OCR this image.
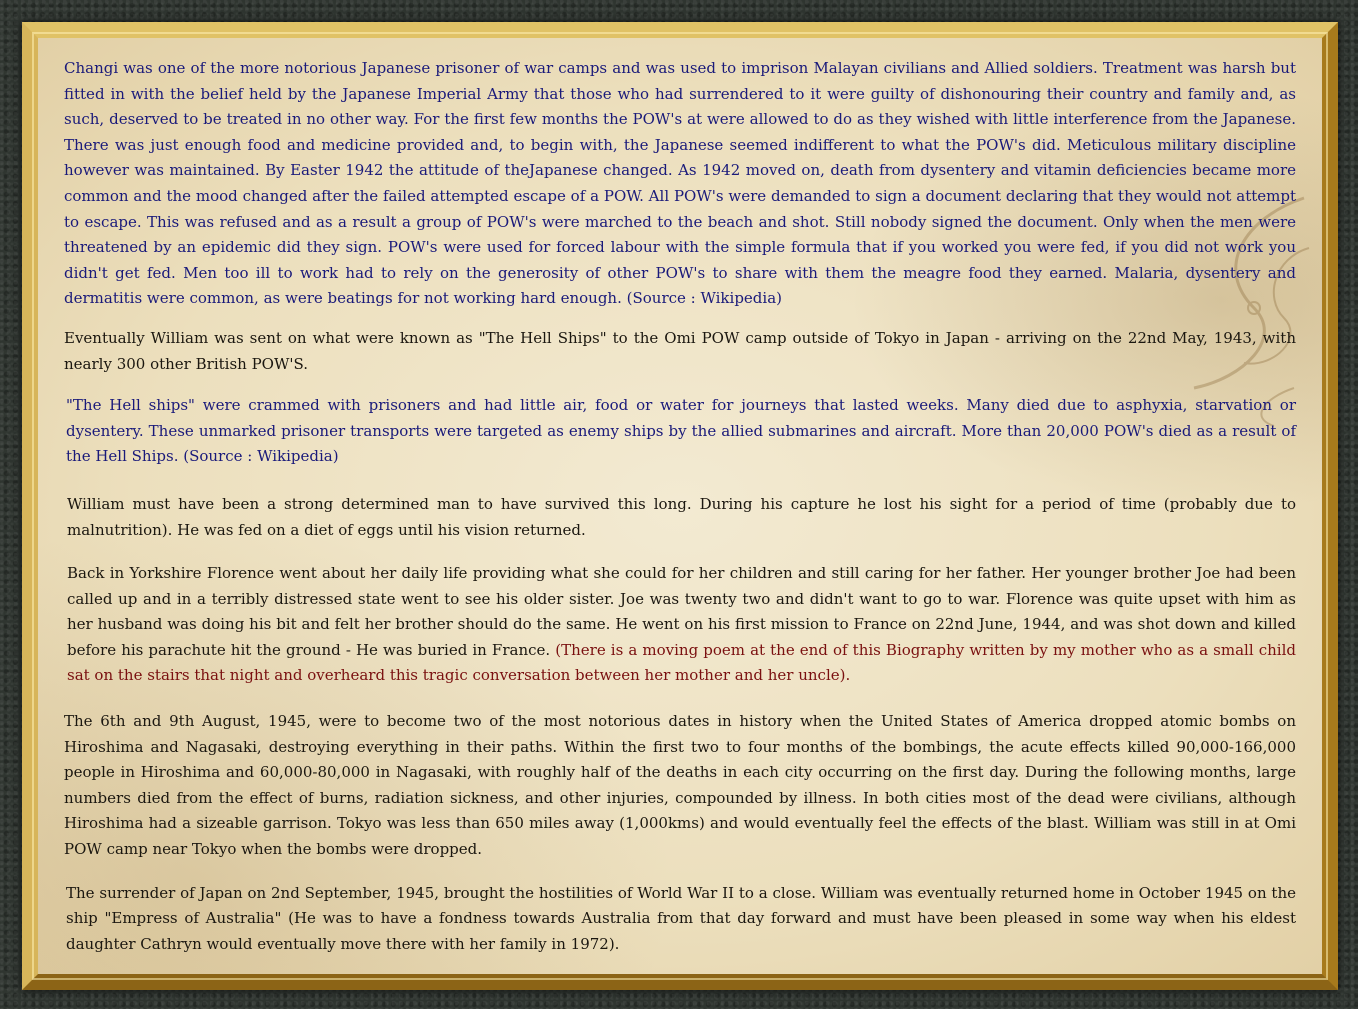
Changi was one of the more notorious Japanese prisoner of war camps and was used to imprison Malayan civilians and Allied soldiers. Treatment was harsh but fitted in with the belief held by the Japanese Imperial Army that those who had surrendered to it were guilty of dishonouring their country and family and, as such, deserved to be treated in no other way. For the first few months the POW's at were allowed to do as they wished with little interference from the Japanese. There was just enough food and medicine provided and, to begin with, the Japanese seemed indifferent to what the POW's did. Meticulous military discipline however was maintained. By Easter 1942 the attitude of theJapanese changed. As 1942 moved on, death from dysentery and vitamin deficiencies became more common and the mood changed after the failed attempted escape of a POW. All POW's were demanded to sign a document declaring that they would not attempt to escape. This was refused and as a result a group of POW's were marched to the beach and shot. Still nobody signed the document. Only when the men were threatened by an epidemic did they sign. POW's were used for forced labour with the simple formula that if you worked you were fed, if you did not work you didn't get fed. Men too ill to work had to rely on the generosity of other POW's to share with them the meagre food they earned. Malaria, dysentery and dermatitis were common, as were beatings for not working hard enough. (Source : Wikipedia)

Eventually William was sent on what were known as "The Hell Ships" to the Omi POW camp outside of Tokyo in Japan - arriving on the 22nd May, 1943, with nearly 300 other British POW'S.

"The Hell ships" were crammed with prisoners and had little air, food or water for journeys that lasted weeks. Many died due to asphyxia, starvation or dysentery. These unmarked prisoner transports were targeted as enemy ships by the allied submarines and aircraft. More than 20,000 POW's died as a result of the Hell Ships. (Source : Wikipedia)

William must have been a strong determined man to have survived this long. During his capture he lost his sight for a period of time (probably due to malnutrition). He was fed on a diet of eggs until his vision returned.

Back in Yorkshire Florence went about her daily life providing what she could for her children and still caring for her father. Her younger brother Joe had been called up and in a terribly distressed state went to see his older sister. Joe was twenty two and didn't want to go to war. Florence was quite upset with him as her husband was doing his bit and felt her brother should do the same. He went on his first mission to France on 22nd June, 1944, and was shot down and killed before his parachute hit the ground - He was buried in France. (There is a moving poem at the end of this Biography written by my mother who as a small child sat on the stairs that night and overheard this tragic conversation between her mother and her uncle).

The 6th and 9th August, 1945, were to become two of the most notorious dates in history when the United States of America dropped atomic bombs on Hiroshima and Nagasaki, destroying everything in their paths. Within the first two to four months of the bombings, the acute effects killed 90,000-166,000 people in Hiroshima and 60,000-80,000 in Nagasaki, with roughly half of the deaths in each city occurring on the first day. During the following months, large numbers died from the effect of burns, radiation sickness, and other injuries, compounded by illness. In both cities most of the dead were civilians, although Hiroshima had a sizeable garrison. Tokyo was less than 650 miles away (1,000kms) and would eventually feel the effects of the blast. William was still in at Omi POW camp near Tokyo when the bombs were dropped.

The surrender of Japan on 2nd September, 1945, brought the hostilities of World War II to a close. William was eventually returned home in October 1945 on the ship "Empress of Australia" (He was to have a fondness towards Australia from that day forward and must have been pleased in some way when his eldest daughter Cathryn would eventually move there with her family in 1972).
